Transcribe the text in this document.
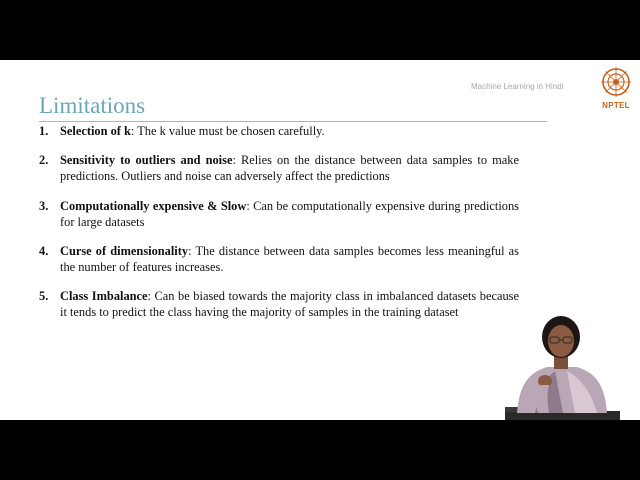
Machine Learning in Hindi
NPTEL
Limitations
1. Selection of k: The k value must be chosen carefully.
2. Sensitivity to outliers and noise: Relies on the distance between data samples to make predictions. Outliers and noise can adversely affect the predictions
3. Computationally expensive & Slow: Can be computationally expensive during predictions for large datasets
4. Curse of dimensionality: The distance between data samples becomes less meaningful as the number of features increases.
5. Class Imbalance: Can be biased towards the majority class in imbalanced datasets because it tends to predict the class having the majority of samples in the training dataset
